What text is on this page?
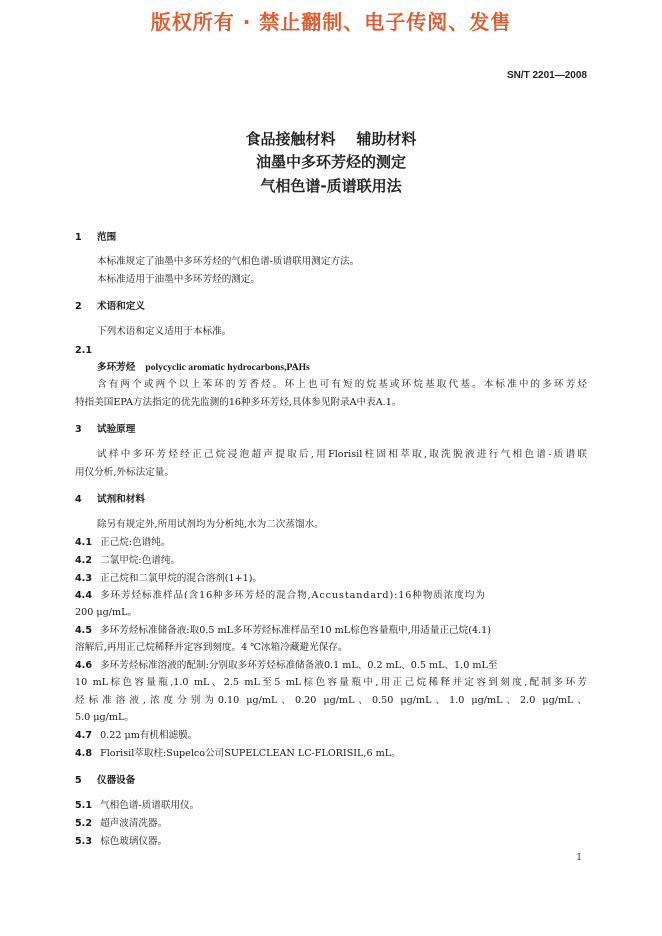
版权所有 · 禁止翻制、电子传阅、发售
SN/T 2201—2008
食品接触材料    辅助材料
油墨中多环芳烃的测定
气相色谱-质谱联用法
1 范围
本标准规定了油墨中多环芳烃的气相色谱-质谱联用测定方法。
本标准适用于油墨中多环芳烃的测定。
2 术语和定义
下列术语和定义适用于本标准。
2.1
多环芳烃 polycyclic aromatic hydrocarbons,PAHs
含有两个或两个以上苯环的芳香烃。环上也可有短的烷基或环烷基取代基。本标准中的多环芳烃
特指美国EPA方法指定的优先监测的16种多环芳烃,具体参见附录A中表A.1。
3 试验原理
试样中多环芳烃经正己烷浸泡超声提取后,用Florisil柱固相萃取,取洗脱液进行气相色谱-质谱联
用仪分析,外标法定量。
4 试剂和材料
除另有规定外,所用试剂均为分析纯,水为二次蒸馏水。
4.1 正己烷:色谱纯。
4.2 二氯甲烷:色谱纯。
4.3 正己烷和二氯甲烷的混合溶剂(1+1)。
4.4 多环芳烃标准样品(含16种多环芳烃的混合物,Accustandard):16种物质浓度均为
200 μg/mL。
4.5 多环芳烃标准储备液:取0.5 mL多环芳烃标准样品至10 mL棕色容量瓶中,用适量正己烷(4.1)
溶解后,再用正己烷稀释并定容到刻度。4 ℃冰箱冷藏避光保存。
4.6 多环芳烃标准溶液的配制:分别取多环芳烃标准储备液0.1 mL、0.2 mL、0.5 mL、1.0 mL至
10 mL棕色容量瓶,1.0 mL、2.5 mL至5 mL棕色容量瓶中,用正己烷稀释并定容到刻度,配制多环芳
烃标准溶液,浓度分别为0.10 μg/mL、0.20 μg/mL、0.50 μg/mL、1.0 μg/mL、2.0 μg/mL、
5.0 μg/mL。
4.7 0.22 μm有机相滤膜。
4.8 Florisil萃取柱:Supelco公司SUPELCLEAN LC-FLORISIL,6 mL。
5 仪器设备
5.1 气相色谱-质谱联用仪。
5.2 超声波清洗器。
5.3 棕色玻璃仪器。
1
